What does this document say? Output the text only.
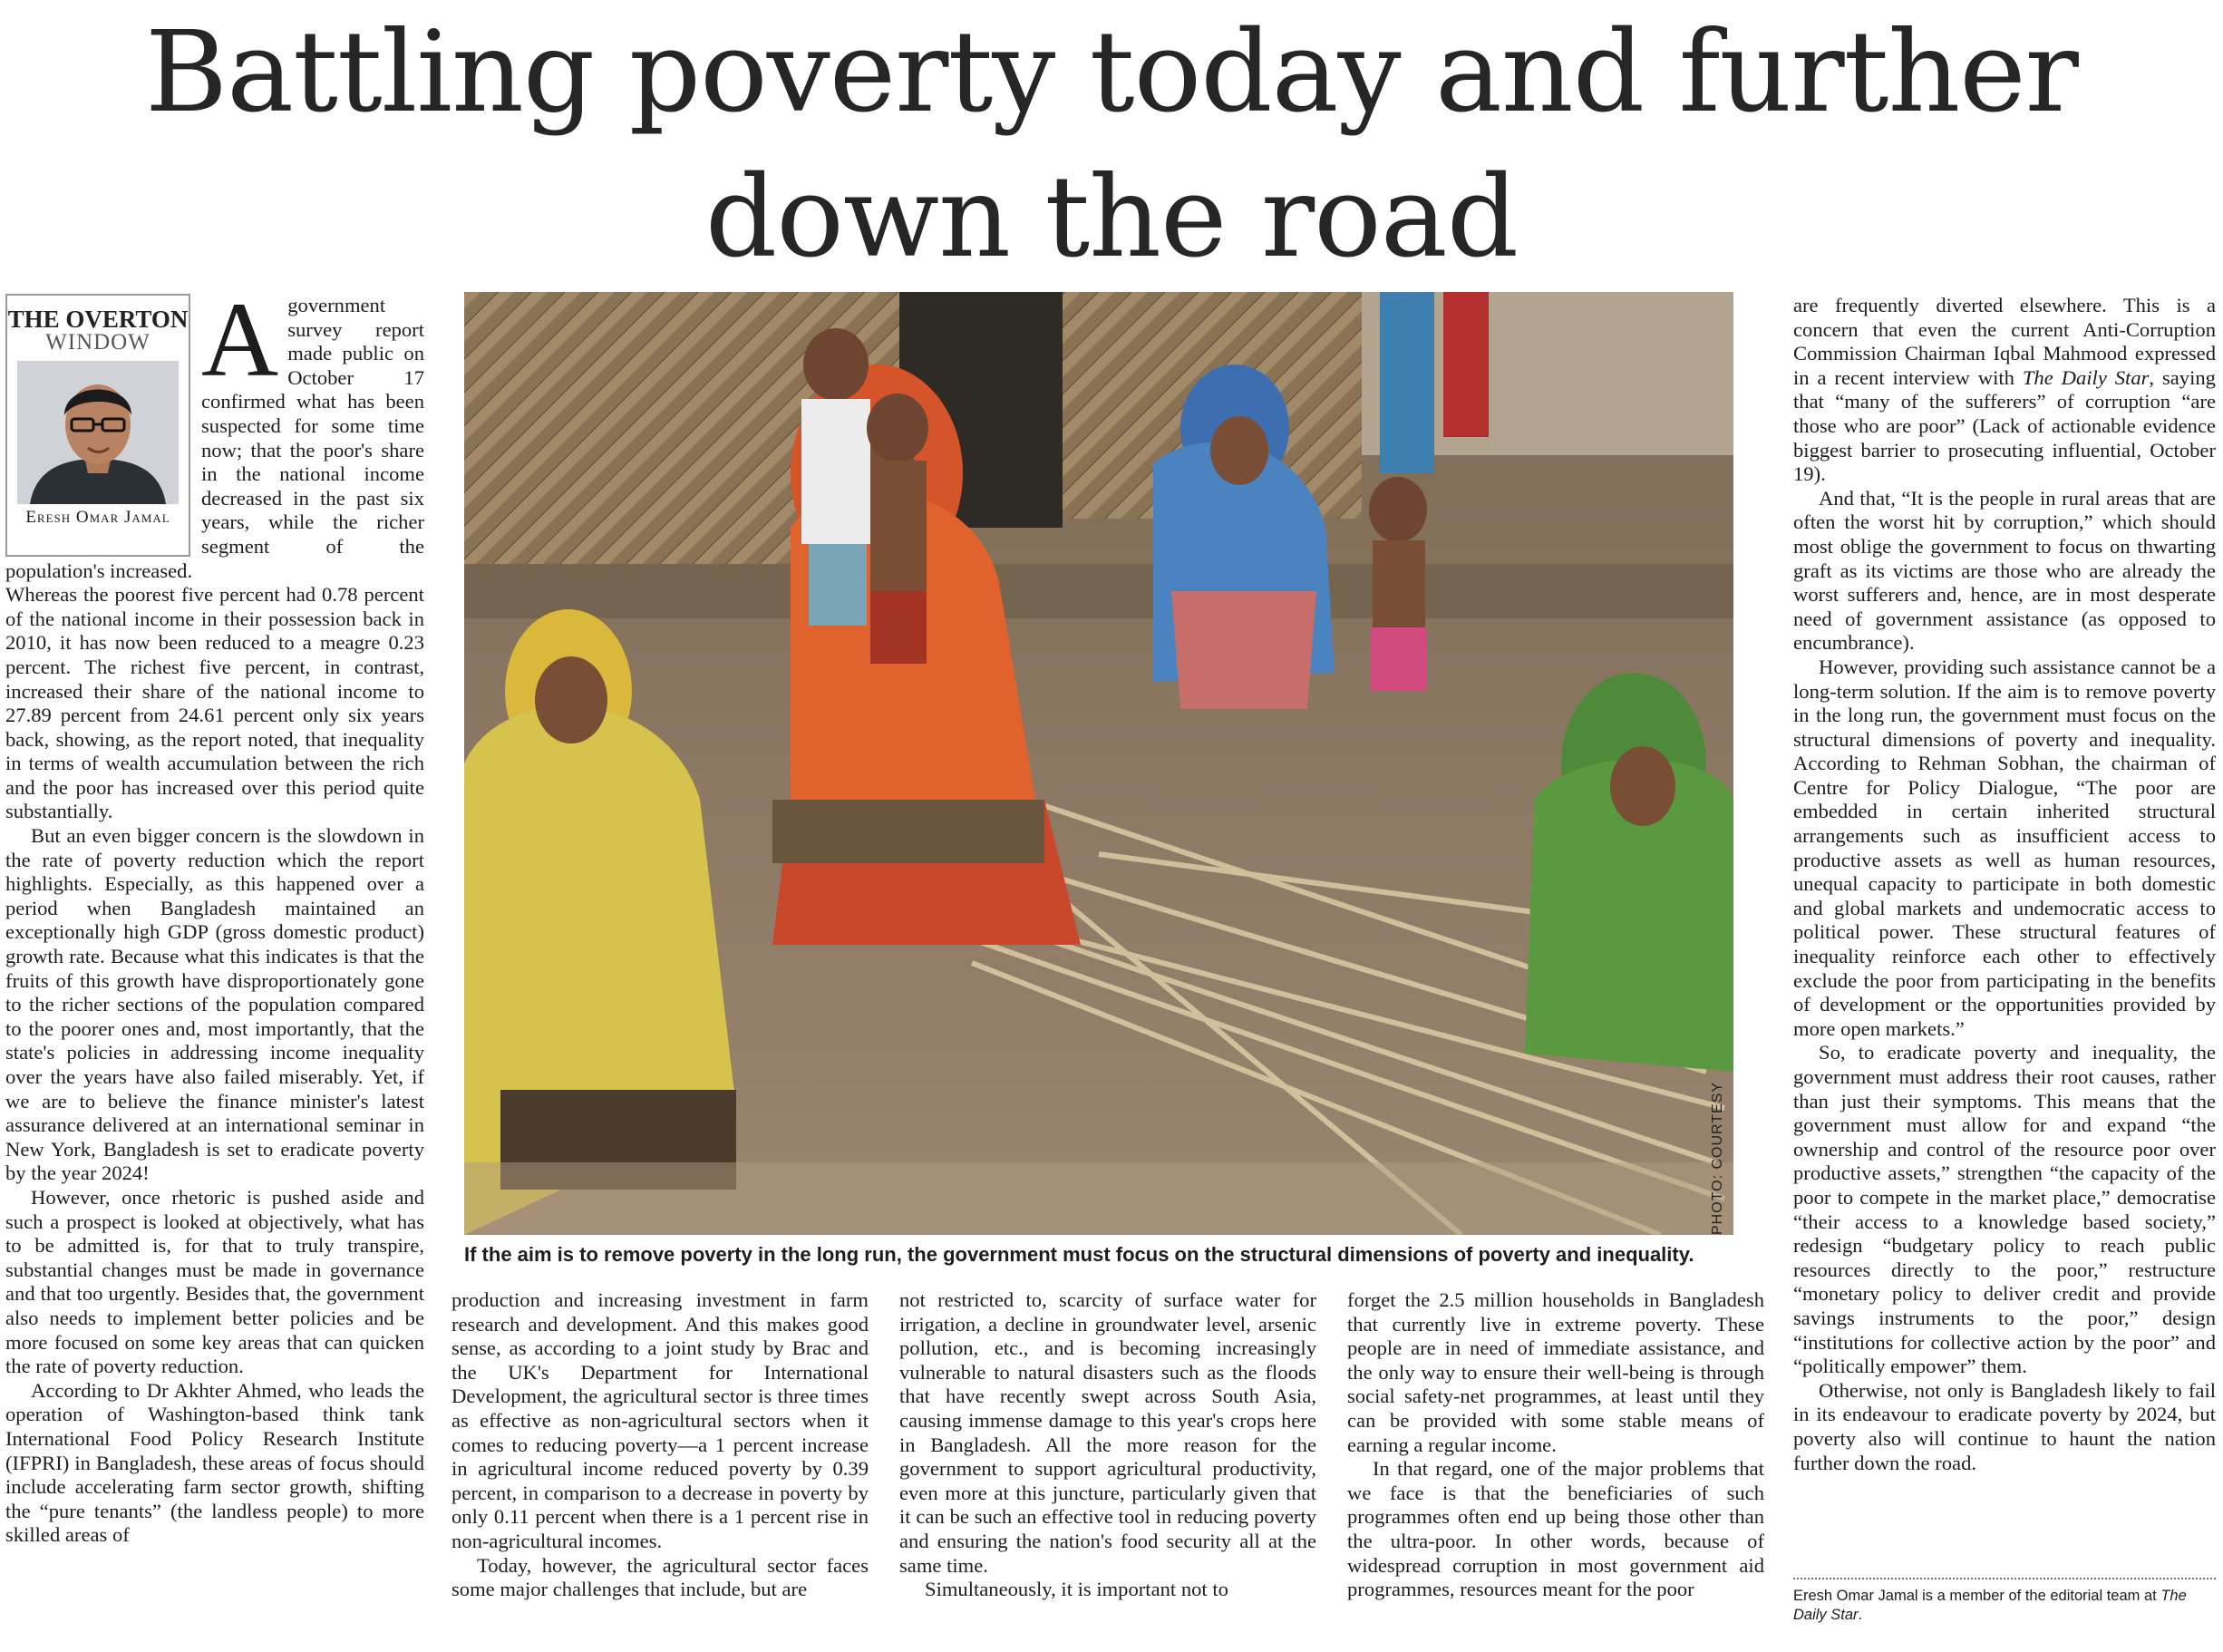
Battling poverty today and further
down the road
THE OVERTON
WINDOW
Eresh Omar Jamal

Agovernment survey report made public on October 17 confirmed what has been suspected for some time now; that the poor's share in the national income decreased in the past six years, while the richer segment of the population's increased.

Whereas the poorest five percent had 0.78 percent of the national income in their possession back in 2010, it has now been reduced to a meagre 0.23 percent. The richest five percent, in contrast, increased their share of the national income to 27.89 percent from 24.61 percent only six years back, showing, as the report noted, that inequality in terms of wealth accumulation between the rich and the poor has increased over this period quite substantially.

But an even bigger concern is the slowdown in the rate of poverty reduction which the report highlights. Especially, as this happened over a period when Bangladesh maintained an exceptionally high GDP (gross domestic product) growth rate. Because what this indicates is that the fruits of this growth have disproportionately gone to the richer sections of the population compared to the poorer ones and, most importantly, that the state's policies in addressing income inequality over the years have also failed miserably. Yet, if we are to believe the finance minister's latest assurance delivered at an international seminar in New York, Bangladesh is set to eradicate poverty by the year 2024!

However, once rhetoric is pushed aside and such a prospect is looked at objectively, what has to be admitted is, for that to truly transpire, substantial changes must be made in governance and that too urgently. Besides that, the government also needs to implement better policies and be more focused on some key areas that can quicken the rate of poverty reduction.

According to Dr Akhter Ahmed, who leads the operation of Washington-based think tank International Food Policy Research Institute (IFPRI) in Bangladesh, these areas of focus should include accelerating farm sector growth, shifting the “pure tenants” (the landless people) to more skilled areas of

PHOTO: COURTESY
If the aim is to remove poverty in the long run, the government must focus on the structural dimensions of poverty and inequality.

production and increasing investment in farm research and development. And this makes good sense, as according to a joint study by Brac and the UK's Department for International Development, the agricultural sector is three times as effective as non-agricultural sectors when it comes to reducing poverty—a 1 percent increase in agricultural income reduced poverty by 0.39 percent, in comparison to a decrease in poverty by only 0.11 percent when there is a 1 percent rise in non-agricultural incomes.

Today, however, the agricultural sector faces some major challenges that include, but are

not restricted to, scarcity of surface water for irrigation, a decline in groundwater level, arsenic pollution, etc., and is becoming increasingly vulnerable to natural disasters such as the floods that have recently swept across South Asia, causing immense damage to this year's crops here in Bangladesh. All the more reason for the government to support agricultural productivity, even more at this juncture, particularly given that it can be such an effective tool in reducing poverty and ensuring the nation's food security all at the same time.

Simultaneously, it is important not to

forget the 2.5 million households in Bangladesh that currently live in extreme poverty. These people are in need of immediate assistance, and the only way to ensure their well-being is through social safety-net programmes, at least until they can be provided with some stable means of earning a regular income.

In that regard, one of the major problems that we face is that the beneficiaries of such programmes often end up being those other than the ultra-poor. In other words, because of widespread corruption in most government aid programmes, resources meant for the poor

are frequently diverted elsewhere. This is a concern that even the current Anti-Corruption Commission Chairman Iqbal Mahmood expressed in a recent interview with The Daily Star, saying that “many of the sufferers” of corruption “are those who are poor” (Lack of actionable evidence biggest barrier to prosecuting influential, October 19).

And that, “It is the people in rural areas that are often the worst hit by corruption,” which should most oblige the government to focus on thwarting graft as its victims are those who are already the worst sufferers and, hence, are in most desperate need of government assistance (as opposed to encumbrance).

However, providing such assistance cannot be a long-term solution. If the aim is to remove poverty in the long run, the government must focus on the structural dimensions of poverty and inequality. According to Rehman Sobhan, the chairman of Centre for Policy Dialogue, “The poor are embedded in certain inherited structural arrangements such as insufficient access to productive assets as well as human resources, unequal capacity to participate in both domestic and global markets and undemocratic access to political power. These structural features of inequality reinforce each other to effectively exclude the poor from participating in the benefits of development or the opportunities provided by more open markets.”

So, to eradicate poverty and inequality, the government must address their root causes, rather than just their symptoms. This means that the government must allow for and expand “the ownership and control of the resource poor over productive assets,” strengthen “the capacity of the poor to compete in the market place,” democratise “their access to a knowledge based society,” redesign “budgetary policy to reach public resources directly to the poor,” restructure “monetary policy to deliver credit and provide savings instruments to the poor,” design “institutions for collective action by the poor” and “politically empower” them.

Otherwise, not only is Bangladesh likely to fail in its endeavour to eradicate poverty by 2024, but poverty also will continue to haunt the nation further down the road.

Eresh Omar Jamal is a member of the editorial team at The Daily Star.
